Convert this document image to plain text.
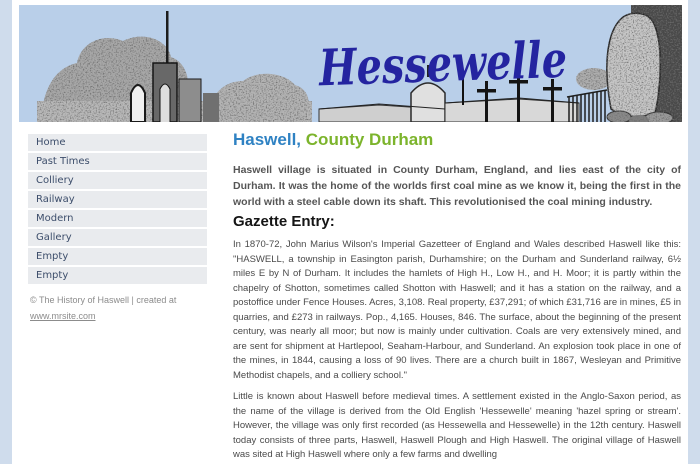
Hessewelle
Home
Past Times
Colliery
Railway
Modern
Gallery
Empty
Empty
© The History of Haswell | created at
www.mrsite.com
Haswell, County Durham

Haswell village is situated in County Durham, England, and lies east of the city of Durham. It was the home of the worlds first coal mine as we know it, being the first in the world with a steel cable down its shaft. This revolutionised the coal mining industry.

Gazette Entry:

In 1870-72, John Marius Wilson's Imperial Gazetteer of England and Wales described Haswell like this: "HASWELL, a township in Easington parish, Durhamshire; on the Durham and Sunderland railway, 6½ miles E by N of Durham. It includes the hamlets of High H., Low H., and H. Moor; it is partly within the chapelry of Shotton, sometimes called Shotton with Haswell; and it has a station on the railway, and a postoffice under Fence Houses. Acres, 3,108. Real property, £37,291; of which £31,716 are in mines, £5 in quarries, and £273 in railways. Pop., 4,165. Houses, 846. The surface, about the beginning of the present century, was nearly all moor; but now is mainly under cultivation. Coals are very extensively mined, and are sent for shipment at Hartlepool, Seaham-Harbour, and Sunderland. An explosion took place in one of the mines, in 1844, causing a loss of 90 lives. There are a church built in 1867, Wesleyan and Primitive Methodist chapels, and a colliery school."

Little is known about Haswell before medieval times. A settlement existed in the Anglo-Saxon period, as the name of the village is derived from the Old English 'Hessewelle' meaning 'hazel spring or stream'. However, the village was only first recorded (as Hessewella and Hessewelle) in the 12th century. Haswell today consists of three parts, Haswell, Haswell Plough and High Haswell. The original village of Haswell was sited at High Haswell where only a few farms and dwelling
